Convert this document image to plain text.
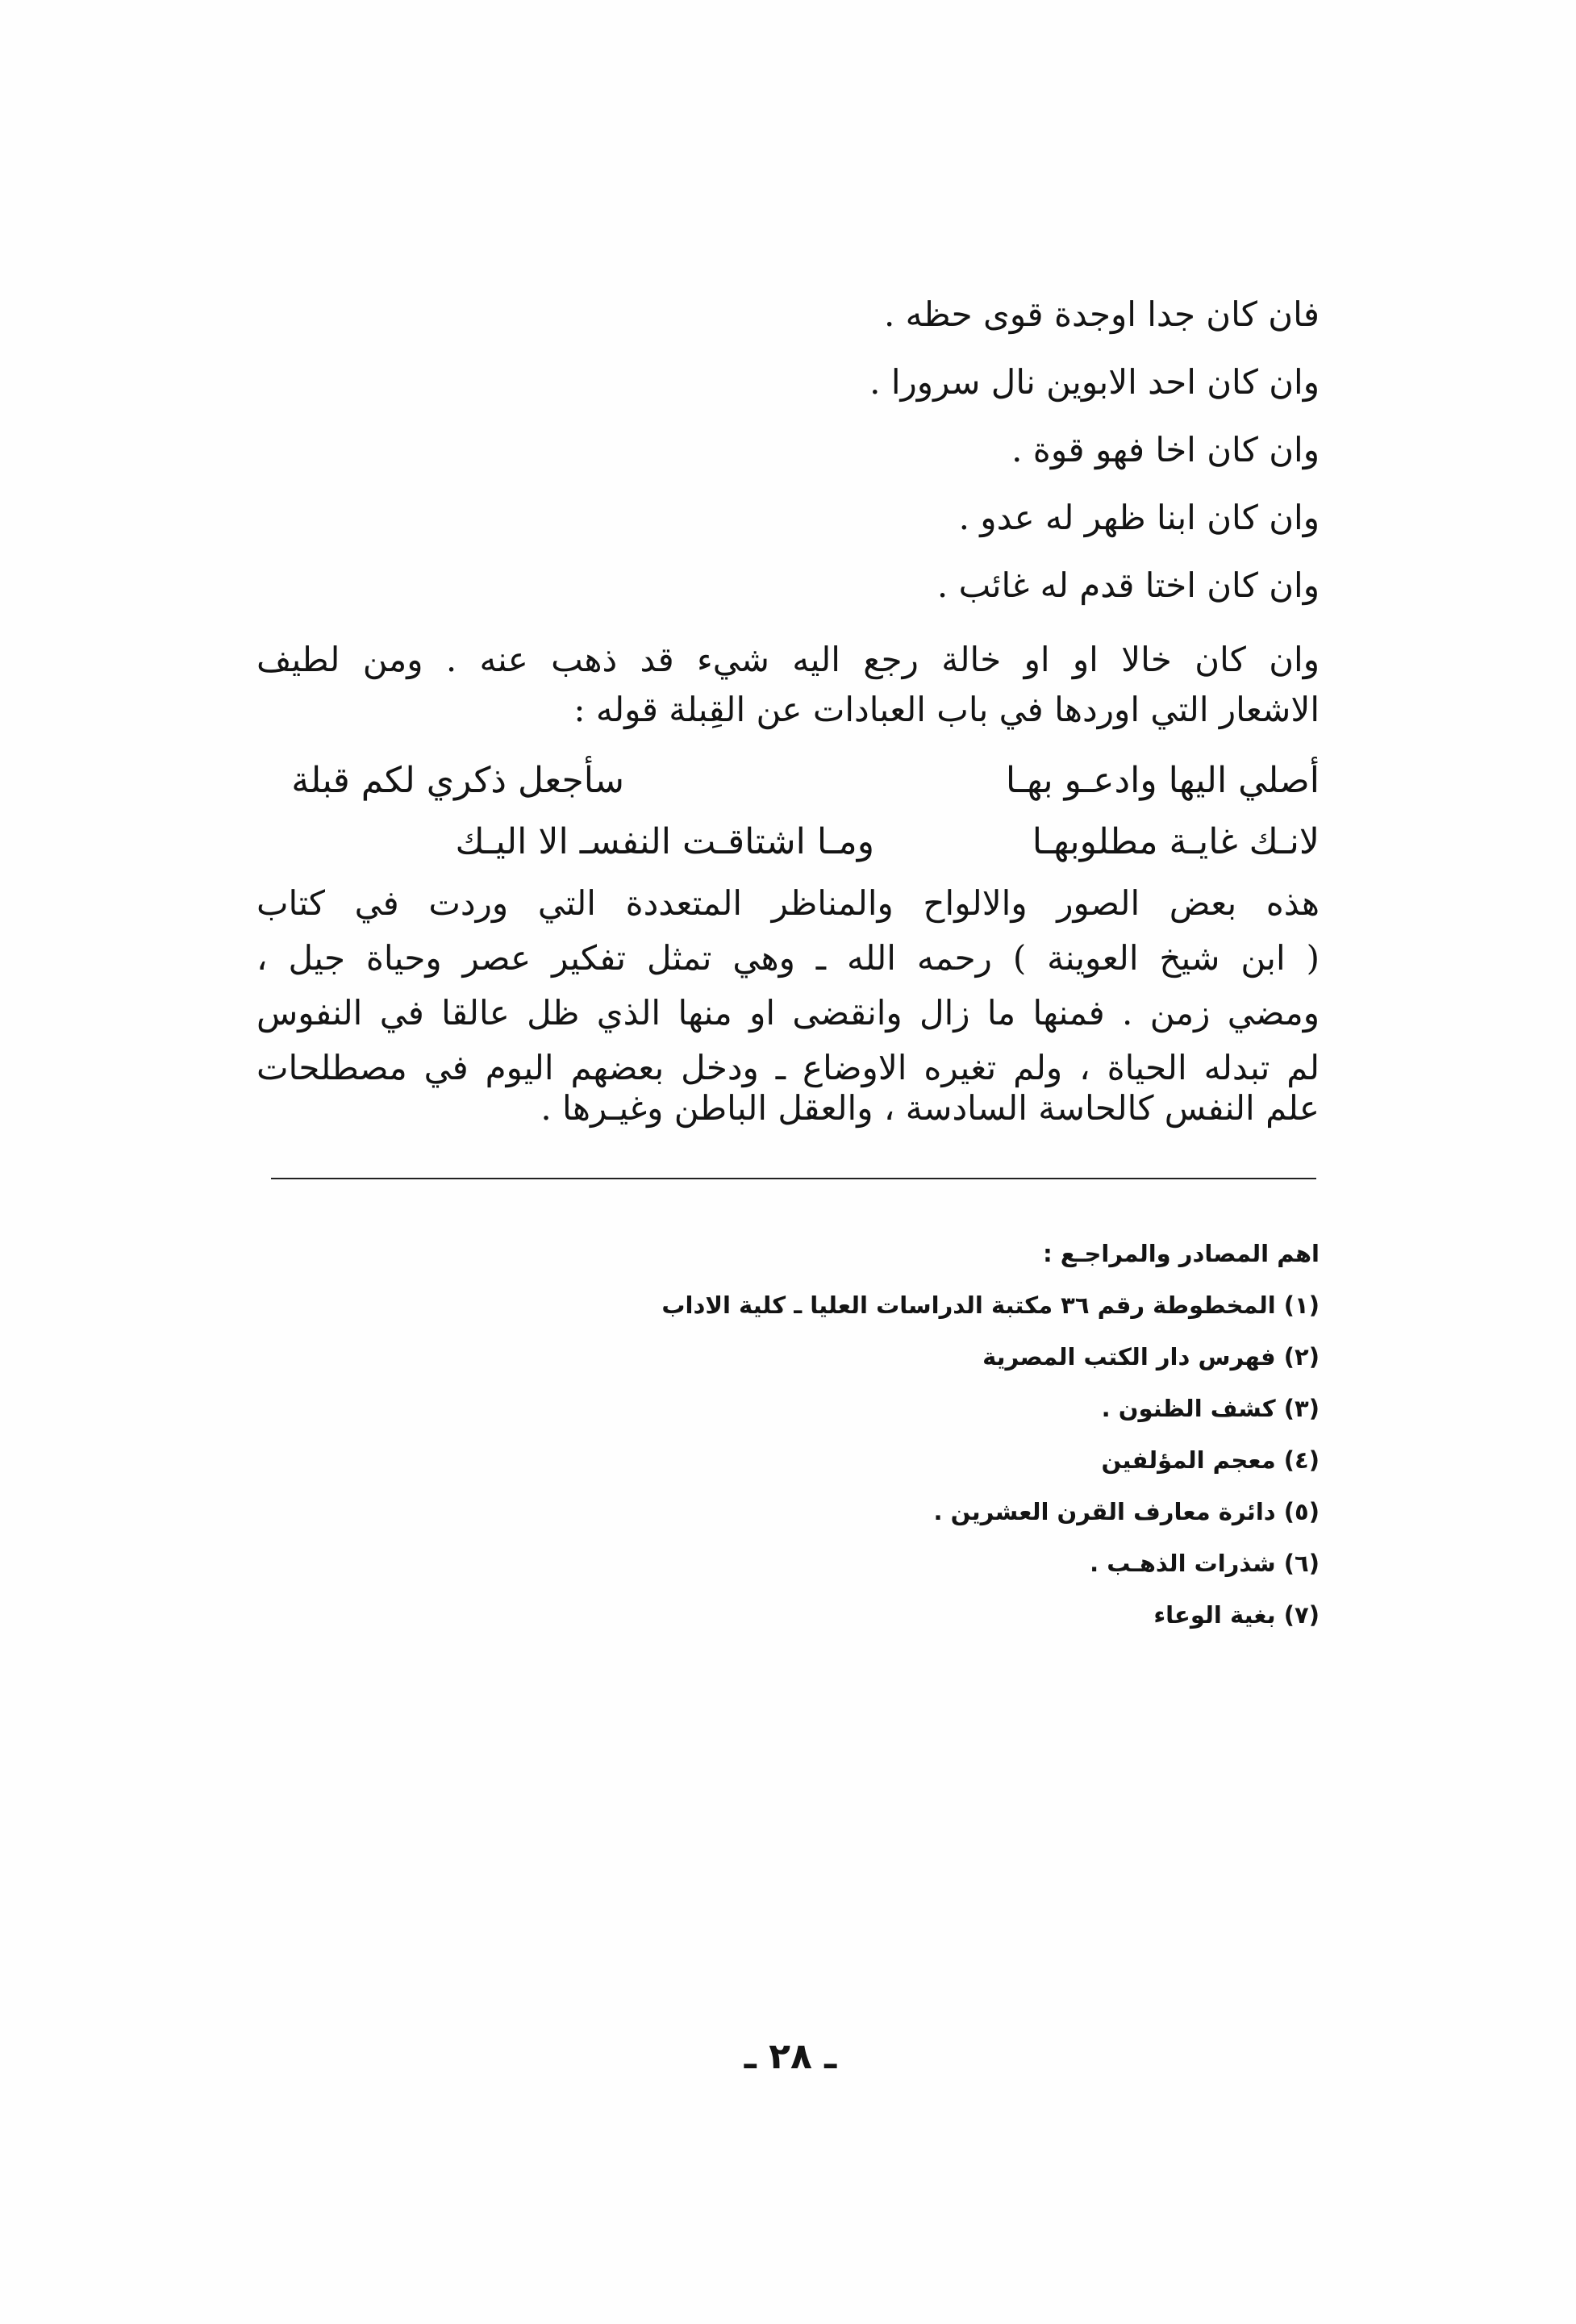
فان كان جدا اوجدة قوى حظه .
وان كان احد الابوين نال سرورا .
وان كان اخا فهو قوة .
وان كان ابنا ظهر له عدو .
وان كان اختا قدم له غائب .
وان كان خالا او او خالة رجع اليه شيء قد ذهب عنه . ومن لطيف
الاشعار التي اوردها في باب العبادات عن القِبلة قوله :
سأجعل ذكري لكم قبلة	أصلي اليها وادعـو بهـا
ومـا اشتاقـت النفسـ الا اليـك	لانـك غايـة مطلوبهـا
هذه بعض الصور والالواح والمناظر المتعددة التي وردت في كتاب
( ابن شيخ العوينة ) رحمه الله ـ وهي تمثل تفكير عصر وحياة جيل ،
ومضي زمن . فمنها ما زال وانقضى او منها الذي ظل عالقا في النفوس
لم تبدله الحياة ، ولم تغيره الاوضاع ـ ودخل بعضهم اليوم في مصطلحات
علم النفس كالحاسة السادسة ، والعقل الباطن وغيـرها .
اهم المصادر والمراجـع :
(١) المخطوطة رقم ٣٦ مكتبة الدراسات العليا ـ كلية الاداب
(٢) فهرس دار الكتب المصرية
(٣) كشف الظنون .
(٤) معجم المؤلفين
(٥) دائرة معارف القرن العشرين .
(٦) شذرات الذهـب .
(٧) بغية الوعاء
ـ ٢٨ ـ
